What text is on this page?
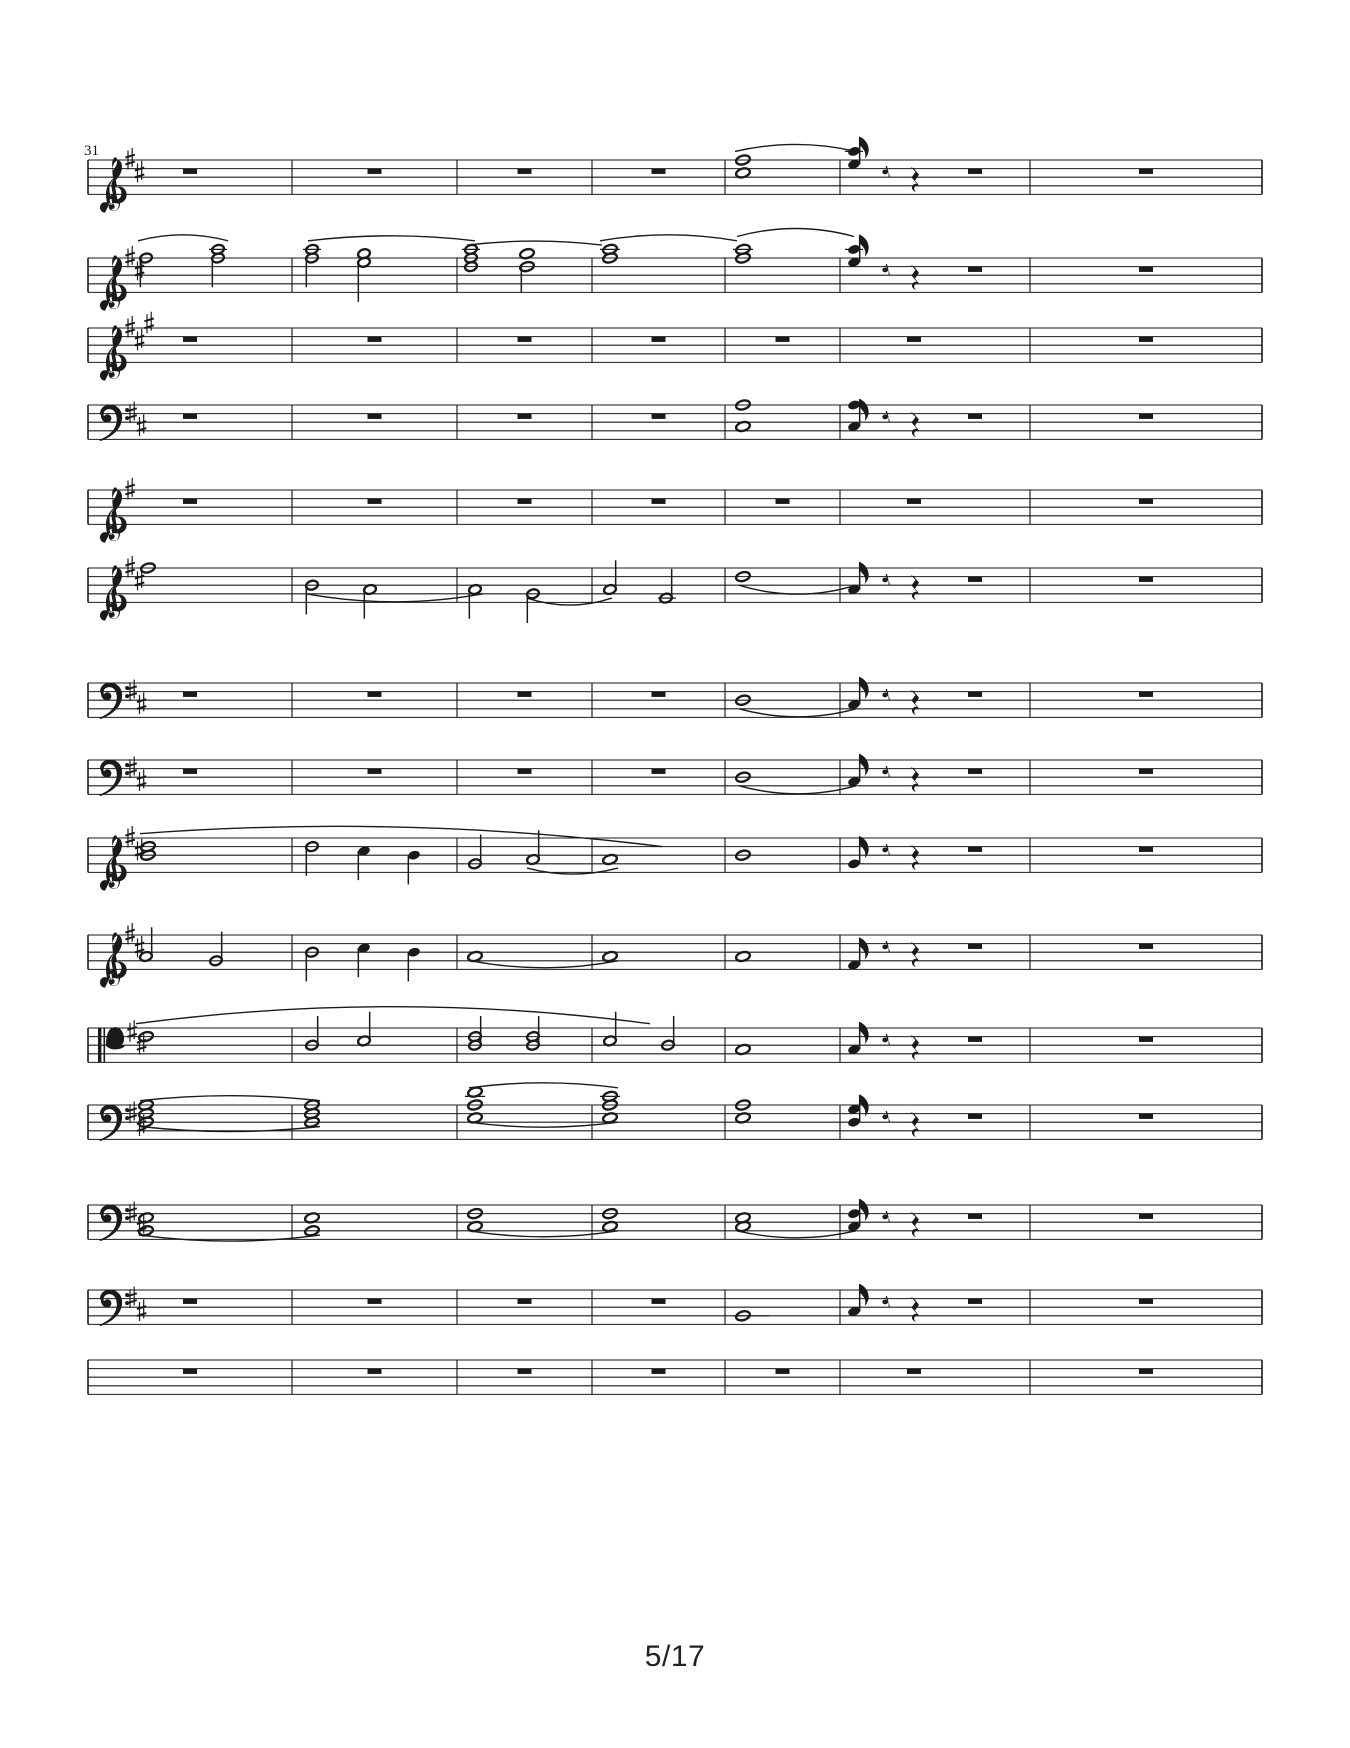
31
5/17
